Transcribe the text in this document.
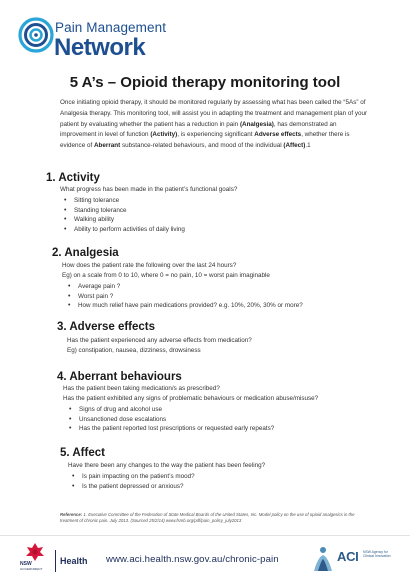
Pain Management
Network
5 A’s – Opioid therapy monitoring tool

Once initiating opioid therapy, it should be monitored regularly by assessing what has been called the “5As” of Analgesia therapy. This monitoring tool, will assist you in adapting the treatment and management plan of your patient by evaluating whether the patient has a reduction in pain (Analgesia), has demonstrated an improvement in level of function (Activity), is experiencing significant Adverse effects, whether there is evidence of Aberrant substance-related behaviours, and mood of the individual (Affect).1

1. Activity
What progress has been made in the patient’s functional goals?
• Sitting tolerance
• Standing tolerance
• Walking ability
• Ability to perform activities of daily living
2. Analgesia
How does the patient rate the following over the last 24 hours?
Eg) on a scale from 0 to 10, where 0 = no pain, 10 = worst pain imaginable
• Average pain ?
• Worst pain ?
• How much relief have pain medications provided? e.g. 10%, 20%, 30% or more?
3. Adverse effects
Has the patient experienced any adverse effects from medication?
Eg) constipation, nausea, dizziness, drowsiness
4. Aberrant behaviours
Has the patient been taking medication/s as prescribed?
Has the patient exhibited any signs of problematic behaviours or medication abuse/misuse?
• Signs of drug and alcohol use
• Unsanctioned dose escalations
• Has the patient reported lost prescriptions or requested early repeats?
5. Affect
Have there been any changes to the way the patient has been feeling?
• Is pain impacting on the patient’s mood?
• Is the patient depressed or anxious?

Reference: 1. Executive Committee of the Federation of State Medical Boards of the United States, Inc. Model policy on the use of opioid analgesics in the treatment of chronic pain. July 2013. (Sourced 25/2/14) www.fsmb.org/pdf/pain_policy_july2013

NSW
GOVERNMENT
Health www.aci.health.nsw.gov.au/chronic-pain	ACI NSW Agency for Clinical Innovation
